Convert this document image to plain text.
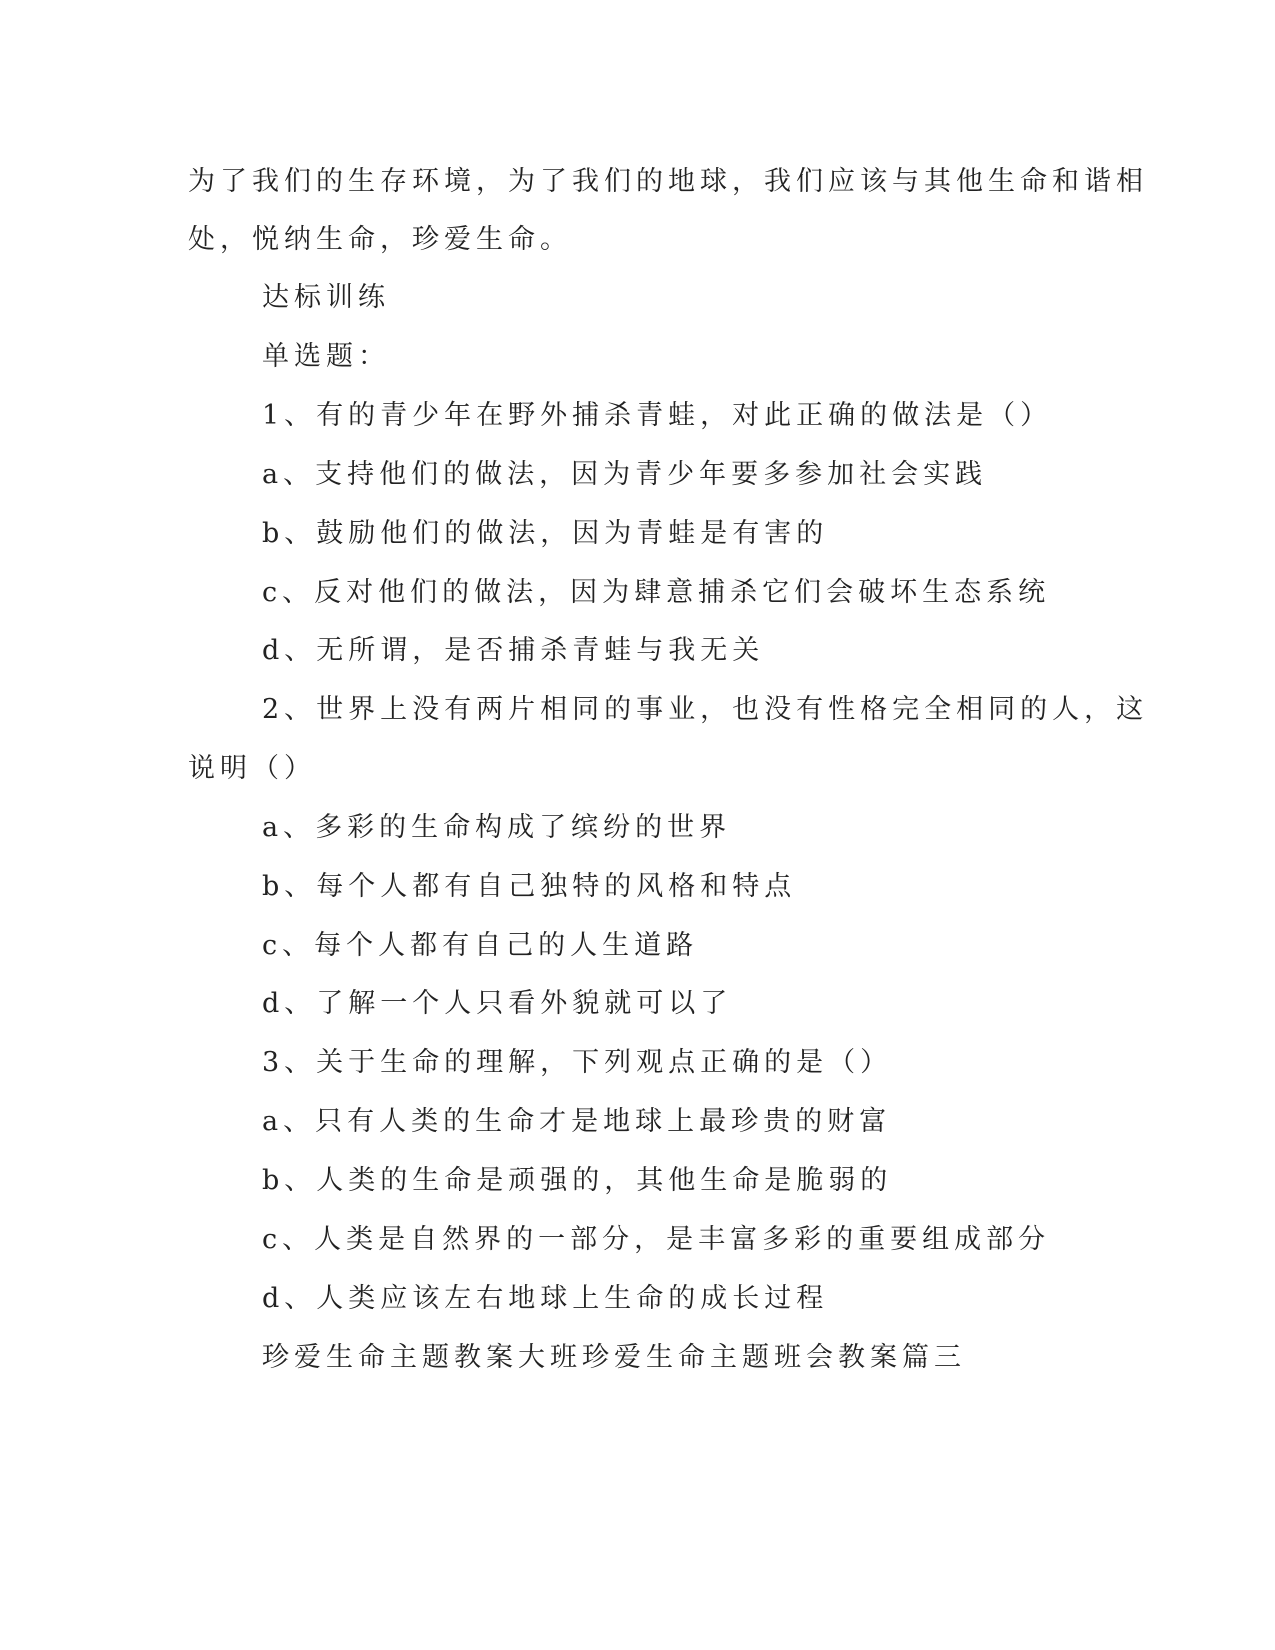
为了我们的生存环境，为了我们的地球，我们应该与其他生命和谐相
处，悦纳生命，珍爱生命。
达标训练
单选题：
1、有的青少年在野外捕杀青蛙，对此正确的做法是（）
a、支持他们的做法，因为青少年要多参加社会实践
b、鼓励他们的做法，因为青蛙是有害的
c、反对他们的做法，因为肆意捕杀它们会破坏生态系统
d、无所谓，是否捕杀青蛙与我无关
2、世界上没有两片相同的事业，也没有性格完全相同的人，这
说明（）
a、多彩的生命构成了缤纷的世界
b、每个人都有自己独特的风格和特点
c、每个人都有自己的人生道路
d、了解一个人只看外貌就可以了
3、关于生命的理解，下列观点正确的是（）
a、只有人类的生命才是地球上最珍贵的财富
b、人类的生命是顽强的，其他生命是脆弱的
c、人类是自然界的一部分，是丰富多彩的重要组成部分
d、人类应该左右地球上生命的成长过程
珍爱生命主题教案大班珍爱生命主题班会教案篇三
